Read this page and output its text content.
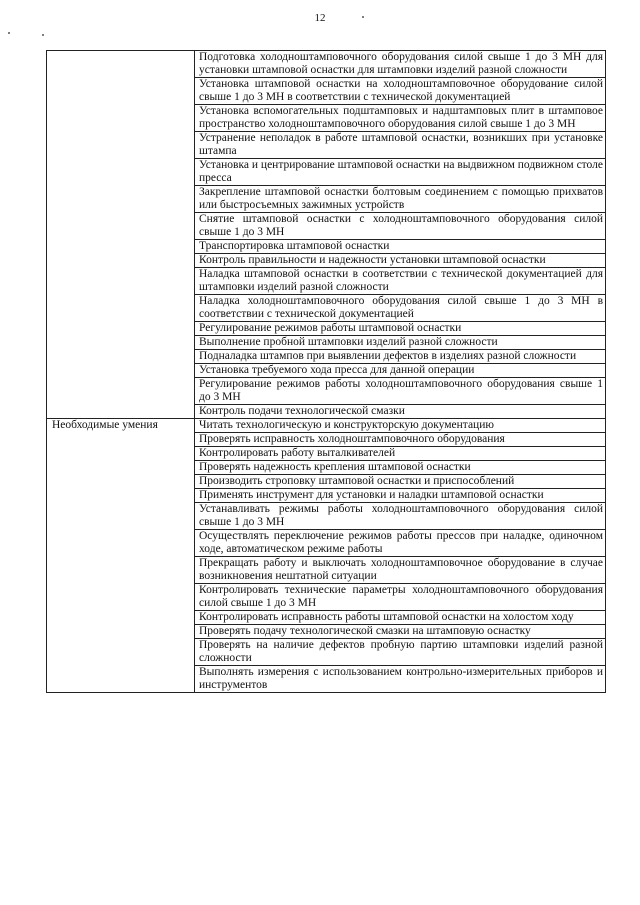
12
	Подготовка холодноштамповочного оборудования силой свыше 1 до 3 МН для установки штамповой оснастки для штамповки изделий разной сложности
	Установка штамповой оснастки на холодноштамповочное оборудование силой свыше 1 до 3 МН в соответствии с технической документацией
	Установка вспомогательных подштамповых и надштамповых плит в штамповое пространство холодноштамповочного оборудования силой свыше 1 до 3 МН
	Устранение неполадок в работе штамповой оснастки, возникших при установке штампа
	Установка и центрирование штамповой оснастки на выдвижном подвижном столе пресса
	Закрепление штамповой оснастки болтовым соединением с помощью прихватов или быстросъемных зажимных устройств
	Снятие штамповой оснастки с холодноштамповочного оборудования силой свыше 1 до 3 МН
	Транспортировка штамповой оснастки
	Контроль правильности и надежности установки штамповой оснастки
	Наладка штамповой оснастки в соответствии с технической документацией для штамповки изделий разной сложности
	Наладка холодноштамповочного оборудования силой свыше 1 до 3 МН в соответствии с технической документацией
	Регулирование режимов работы штамповой оснастки
	Выполнение пробной штамповки изделий разной сложности
	Подналадка штампов при выявлении дефектов в изделиях разной сложности
	Установка требуемого хода пресса для данной операции
	Регулирование режимов работы холодноштамповочного оборудования свыше 1 до 3 МН
	Контроль подачи технологической смазки
Необходимые умения	Читать технологическую и конструкторскую документацию
	Проверять исправность холодноштамповочного оборудования
	Контролировать работу выталкивателей
	Проверять надежность крепления штамповой оснастки
	Производить строповку штамповой оснастки и приспособлений
	Применять инструмент для установки и наладки штамповой оснастки
	Устанавливать режимы работы холодноштамповочного оборудования силой свыше 1 до 3 МН
	Осуществлять переключение режимов работы прессов при наладке, одиночном ходе, автоматическом режиме работы
	Прекращать работу и выключать холодноштамповочное оборудование в случае возникновения нештатной ситуации
	Контролировать технические параметры холодноштамповочного оборудования силой свыше 1 до 3 МН
	Контролировать исправность работы штамповой оснастки на холостом ходу
	Проверять подачу технологической смазки на штамповую оснастку
	Проверять на наличие дефектов пробную партию штамповки изделий разной сложности
	Выполнять измерения с использованием контрольно-измерительных приборов и инструментов
